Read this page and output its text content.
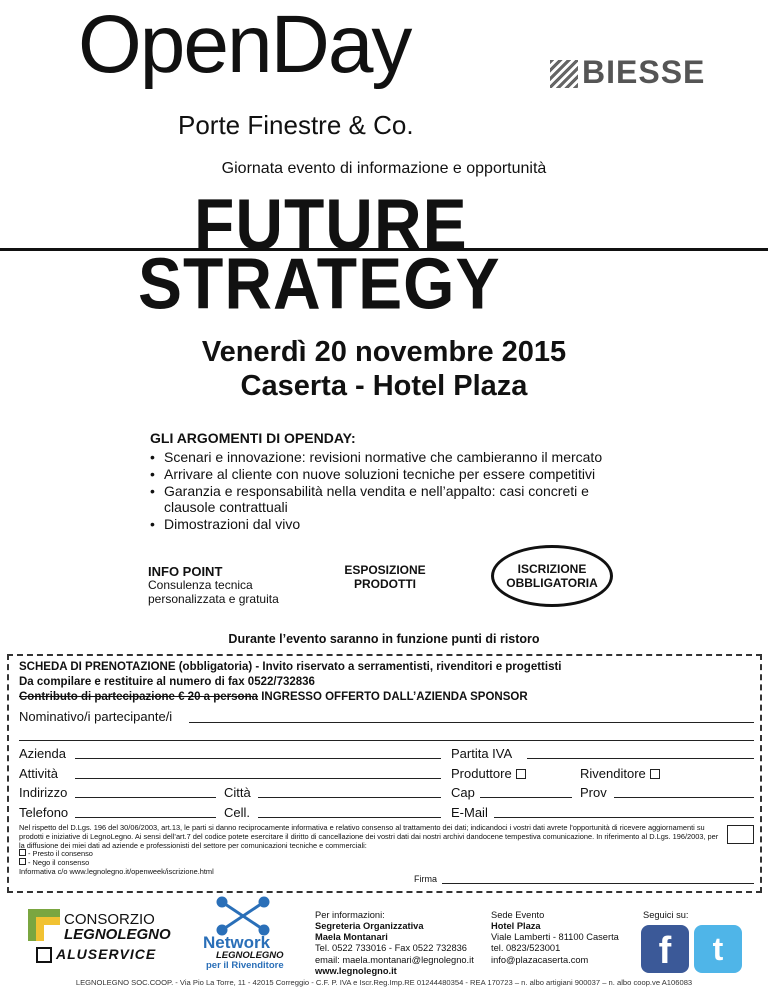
OpenDay
Porte Finestre & Co.
BIESSE
Giornata evento di informazione e opportunità
FUTURE
STRATEGY
Venerdì 20 novembre 2015
Caserta - Hotel Plaza
GLI ARGOMENTI DI OPENDAY:
• Scenari e innovazione: revisioni normative che cambieranno il mercato
• Arrivare al cliente con nuove soluzioni tecniche per essere competitivi
• Garanzia e responsabilità nella vendita e nell’appalto: casi concreti e clausole contrattuali
• Dimostrazioni dal vivo
INFO POINT
Consulenza tecnica personalizzata e gratuita
ESPOSIZIONE PRODOTTI
ISCRIZIONE OBBLIGATORIA
Durante l’evento saranno in funzione punti di ristoro
SCHEDA DI PRENOTAZIONE (obbligatoria) - Invito riservato a serramentisti, rivenditori e progettisti
Da compilare e restituire al numero di fax 0522/732836
Contributo di partecipazione € 20 a persona INGRESSO OFFERTO DALL’AZIENDA SPONSOR
Nominativo/i partecipante/i
Azienda	Partita IVA
Attività	Produttore	Rivenditore
Indirizzo	Città	Cap	Prov
Telefono	Cell.	E-Mail
Nel rispetto del D.Lgs. 196 del 30/06/2003, art.13, le parti si danno reciprocamente informativa e relativo consenso al trattamento dei dati; indicandoci i vostri dati avrete l’opportunità di ricevere aggiornamenti su prodotti e iniziative di LegnoLegno. Ai sensi dell’art.7 del codice potete esercitare il diritto di cancellazione dei vostri dati dai nostri archivi dandocene tempestiva comunicazione. In riferimento al D.Lgs. 196/2003, per la diffusione dei miei dati ad aziende e professionisti del settore per comunicazioni tecniche e commerciali:
- Presto il consenso
- Nego il consenso
Informativa c/o www.legnolegno.it/openweek/iscrizione.html
Firma
CONSORZIO
LEGNOLEGNO
ALUSERVICE
Network
LEGNOLEGNO
per il Rivenditore
Per informazioni:
Segreteria Organizzativa
Maela Montanari
Tel. 0522 733016 - Fax 0522 732836
email: maela.montanari@legnolegno.it
www.legnolegno.it
Sede Evento
Hotel Plaza
Viale Lamberti - 81100 Caserta
tel. 0823/523001
info@plazacaserta.com
Seguici su:
f	t
LEGNOLEGNO SOC.COOP. - Via Pio La Torre, 11 - 42015 Correggio - C.F. P. IVA e Iscr.Reg.Imp.RE 01244480354 - REA 170723 – n. albo artigiani 900037 – n. albo coop.ve A106083
